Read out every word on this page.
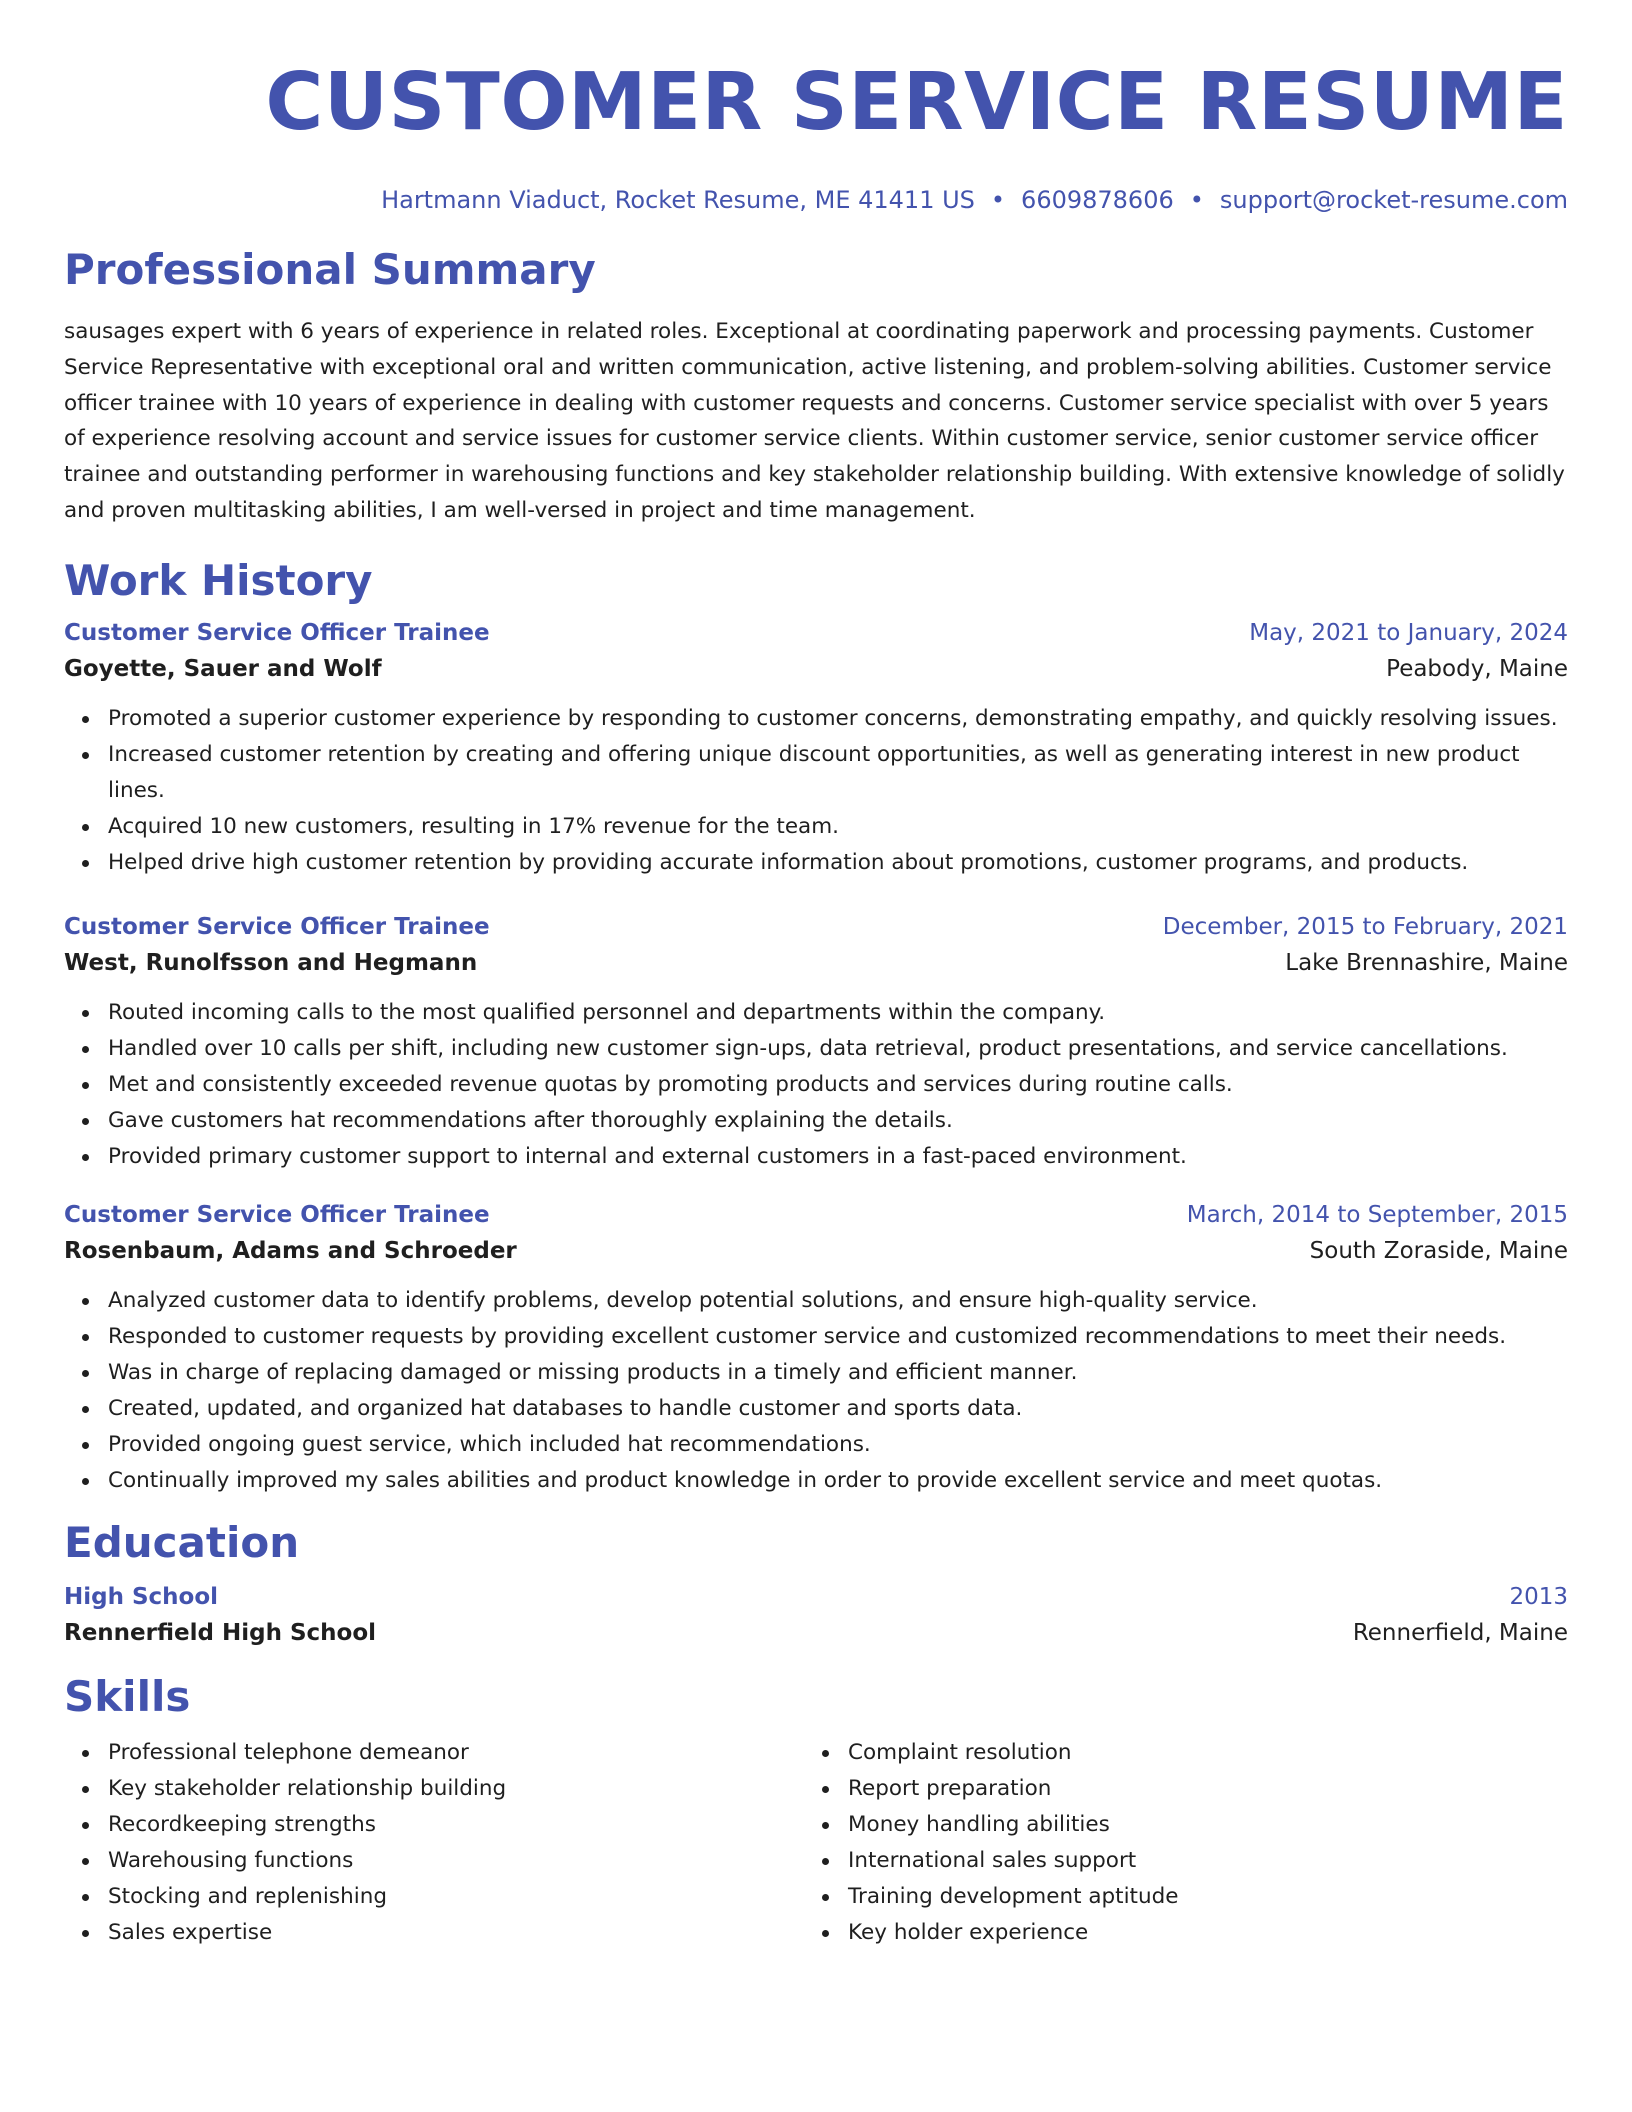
CUSTOMER SERVICE RESUME
Hartmann Viaduct, Rocket Resume, ME 41411 US • 6609878606 • support@rocket-resume.com
Professional Summary

sausages expert with 6 years of experience in related roles. Exceptional at coordinating paperwork and processing payments. Customer Service Representative with exceptional oral and written communication, active listening, and problem-solving abilities. Customer service officer trainee with 10 years of experience in dealing with customer requests and concerns. Customer service specialist with over 5 years of experience resolving account and service issues for customer service clients. Within customer service, senior customer service officer trainee and outstanding performer in warehousing functions and key stakeholder relationship building. With extensive knowledge of solidly and proven multitasking abilities, I am well-versed in project and time management.

Work History
Customer Service Officer Trainee	May, 2021 to January, 2024
Goyette, Sauer and Wolf	Peabody, Maine
Promoted a superior customer experience by responding to customer concerns, demonstrating empathy, and quickly resolving issues.
Increased customer retention by creating and offering unique discount opportunities, as well as generating interest in new product lines.
Acquired 10 new customers, resulting in 17% revenue for the team.
Helped drive high customer retention by providing accurate information about promotions, customer programs, and products.
Customer Service Officer Trainee	December, 2015 to February, 2021
West, Runolfsson and Hegmann	Lake Brennashire, Maine
Routed incoming calls to the most qualified personnel and departments within the company.
Handled over 10 calls per shift, including new customer sign-ups, data retrieval, product presentations, and service cancellations.
Met and consistently exceeded revenue quotas by promoting products and services during routine calls.
Gave customers hat recommendations after thoroughly explaining the details.
Provided primary customer support to internal and external customers in a fast-paced environment.
Customer Service Officer Trainee	March, 2014 to September, 2015
Rosenbaum, Adams and Schroeder	South Zoraside, Maine
Analyzed customer data to identify problems, develop potential solutions, and ensure high-quality service.
Responded to customer requests by providing excellent customer service and customized recommendations to meet their needs.
Was in charge of replacing damaged or missing products in a timely and efficient manner.
Created, updated, and organized hat databases to handle customer and sports data.
Provided ongoing guest service, which included hat recommendations.
Continually improved my sales abilities and product knowledge in order to provide excellent service and meet quotas.
Education
High School	2013
Rennerfield High School	Rennerfield, Maine
Skills
Professional telephone demeanor
Key stakeholder relationship building
Recordkeeping strengths
Warehousing functions
Stocking and replenishing
Sales expertise
Complaint resolution
Report preparation
Money handling abilities
International sales support
Training development aptitude
Key holder experience
